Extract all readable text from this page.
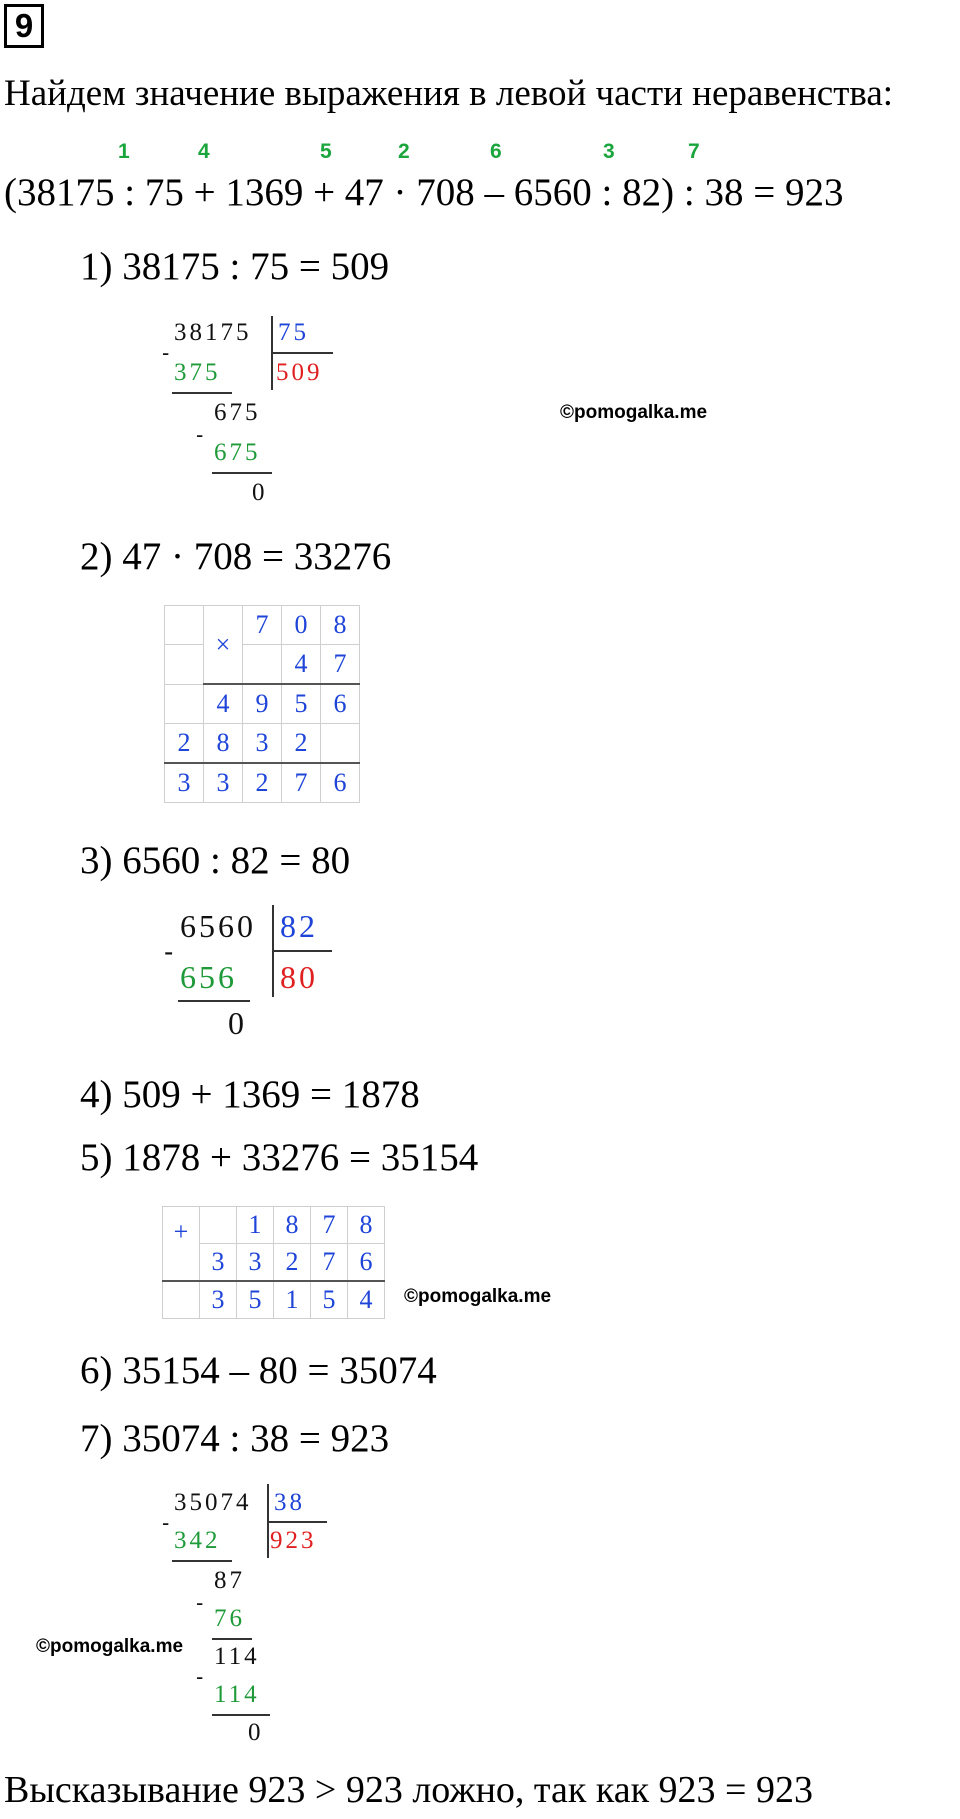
9
Найдем значение выражения в левой части неравенства:
1	4	5	2	6	3	7
(38175 : 75 + 1369 + 47 · 708 – 6560 : 82) : 38 = 923
1) 38175 : 75 = 509
38175 75
509
-
375
675
-
675
0
©pomogalka.me
2) 47 · 708 = 33276
	×	7	0	8
			4	7
	4	9	5	6
2	8	3	2	
3	3	2	7	6
3) 6560 : 82 = 80
6560 82
80
-
656
0
4) 509 + 1369 = 1878
5) 1878 + 33276 = 35154
+		1	8	7	8
	3	3	2	7	6
	3	5	1	5	4 ©pomogalka.me
6) 35154 – 80 = 35074
7) 35074 : 38 = 923
35074 38
923
-
342
87
-
76
114
-
114
0
©pomogalka.me
Высказывание 923 > 923 ложно, так как 923 = 923
